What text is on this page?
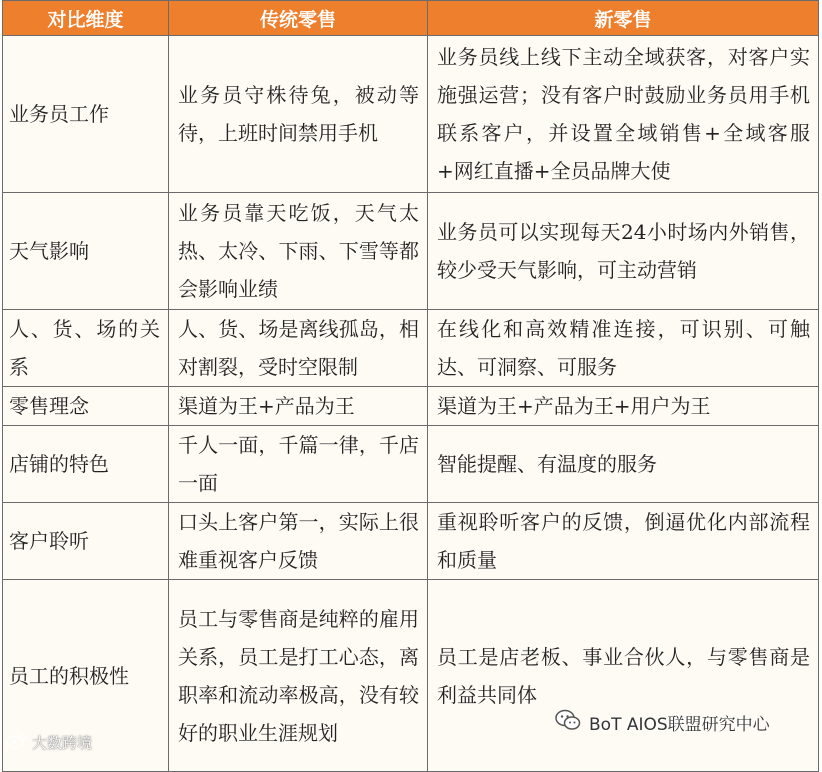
对比维度	传统零售	新零售
业务员工作	业务员守株待兔，被动等待，上班时间禁用手机	业务员线上线下主动全域获客，对客户实施强运营；没有客户时鼓励业务员用手机联系客户，并设置全域销售+全域客服+网红直播+全员品牌大使
天气影响	业务员靠天吃饭，天气太热、太冷、下雨、下雪等都会影响业绩	业务员可以实现每天24小时场内外销售，较少受天气影响，可主动营销
人、货、场的关系	人、货、场是离线孤岛，相对割裂，受时空限制	在线化和高效精准连接，可识别、可触达、可洞察、可服务
零售理念	渠道为王+产品为王	渠道为王+产品为王+用户为王
店铺的特色	千人一面，千篇一律，千店一面	智能提醒、有温度的服务
客户聆听	口头上客户第一，实际上很难重视客户反馈	重视聆听客户的反馈，倒逼优化内部流程和质量
员工的积极性	员工与零售商是纯粹的雇用关系，员工是打工心态，离职率和流动率极高，没有较好的职业生涯规划	员工是店老板、事业合伙人，与零售商是利益共同体
大数跨境
BoT AIOS联盟研究中心
